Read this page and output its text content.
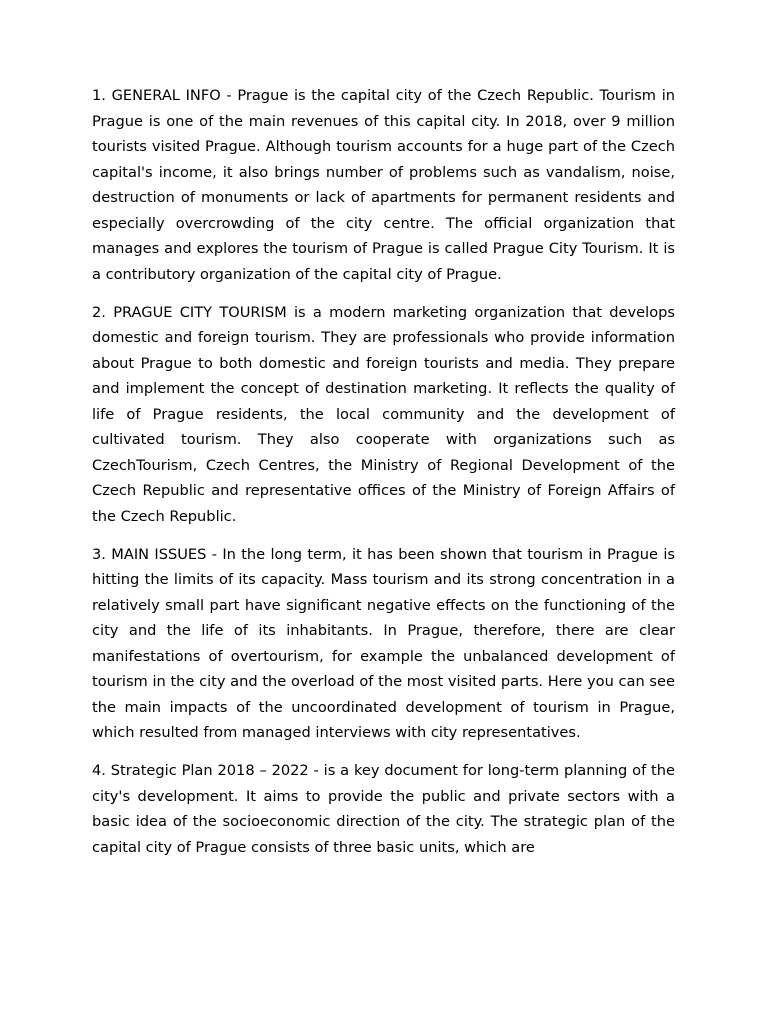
1. GENERAL INFO - Prague is the capital city of the Czech Republic. Tourism in Prague is one of the main revenues of this capital city. In 2018, over 9 million tourists visited Prague. Although tourism accounts for a huge part of the Czech capital's income, it also brings number of problems such as vandalism, noise, destruction of monuments or lack of apartments for permanent residents and especially overcrowding of the city centre. The official organization that manages and explores the tourism of Prague is called Prague City Tourism. It is a contributory organization of the capital city of Prague.

2. PRAGUE CITY TOURISM is a modern marketing organization that develops domestic and foreign tourism. They are professionals who provide information about Prague to both domestic and foreign tourists and media. They prepare and implement the concept of destination marketing. It reflects the quality of life of Prague residents, the local community and the development of cultivated tourism. They also cooperate with organizations such as CzechTourism, Czech Centres, the Ministry of Regional Development of the Czech Republic and representative offices of the Ministry of Foreign Affairs of the Czech Republic.

3. MAIN ISSUES - In the long term, it has been shown that tourism in Prague is hitting the limits of its capacity. Mass tourism and its strong concentration in a relatively small part have significant negative effects on the functioning of the city and the life of its inhabitants. In Prague, therefore, there are clear manifestations of overtourism, for example the unbalanced development of tourism in the city and the overload of the most visited parts. Here you can see the main impacts of the uncoordinated development of tourism in Prague, which resulted from managed interviews with city representatives.

4. Strategic Plan 2018 – 2022 - is a key document for long-term planning of the city's development. It aims to provide the public and private sectors with a basic idea of the socioeconomic direction of the city. The strategic plan of the capital city of Prague consists of three basic units, which are
